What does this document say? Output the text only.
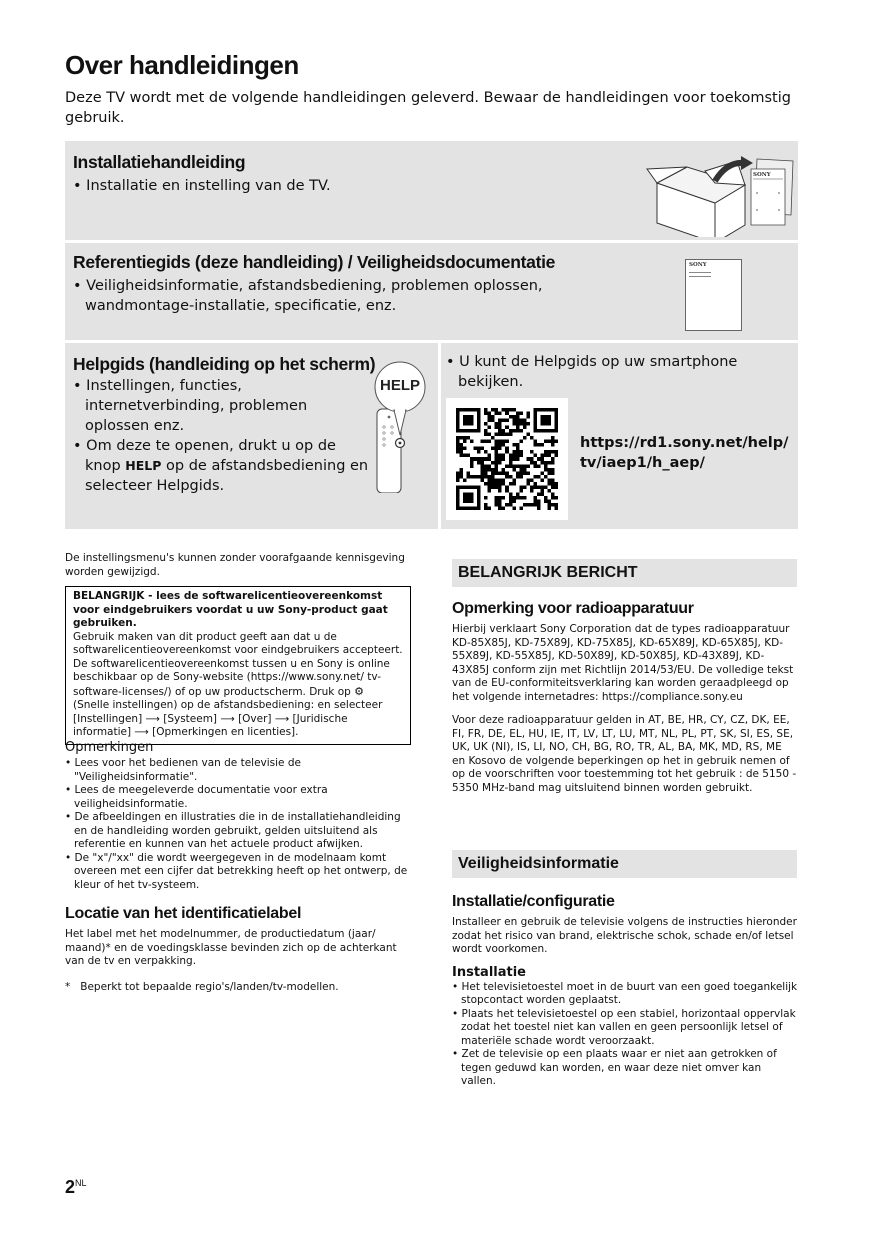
Over handleidingen

Deze TV wordt met de volgende handleidingen geleverd. Bewaar de handleidingen voor toekomstig gebruik.

Installatiehandleiding
• Installatie en instelling van de TV.
SONY
Referentiegids (deze handleiding) / Veiligheidsdocumentatie
• Veiligheidsinformatie, afstandsbediening, problemen oplossen, wandmontage-installatie, specificatie, enz.
SONY
Helpgids (handleiding op het scherm)
• Instellingen, functies, internetverbinding, problemen oplossen enz.
• Om deze te openen, drukt u op de knop HELP op de afstandsbediening en selecteer Helpgids.
HELP
• U kunt de Helpgids op uw smartphone bekijken.
https://rd1.sony.net/help/
tv/iaep1/h_aep/

De instellingsmenu's kunnen zonder voorafgaande kennisgeving worden gewijzigd.

BELANGRIJK - lees de softwarelicentieovereenkomst voor eindgebruikers voordat u uw Sony-product gaat gebruiken.
Gebruik maken van dit product geeft aan dat u de softwarelicentieovereenkomst voor eindgebruikers accepteert. De softwarelicentieovereenkomst tussen u en Sony is online beschikbaar op de Sony-website (https://www.sony.net/ tv-software-licenses/) of op uw productscherm. Druk op ⚙ (Snelle instellingen) op de afstandsbediening: en selecteer [Instellingen] ⟶ [Systeem] ⟶ [Over] ⟶ [Juridische informatie] ⟶ [Opmerkingen en licenties].
Opmerkingen
• Lees voor het bedienen van de televisie de "Veiligheidsinformatie".
• Lees de meegeleverde documentatie voor extra veiligheidsinformatie.
• De afbeeldingen en illustraties die in de installatiehandleiding en de handleiding worden gebruikt, gelden uitsluitend als referentie en kunnen van het actuele product afwijken.
• De "x"/"xx" die wordt weergegeven in de modelnaam komt overeen met een cijfer dat betrekking heeft op het ontwerp, de kleur of het tv-systeem.
Locatie van het identificatielabel

Het label met het modelnummer, de productiedatum (jaar/ maand)* en de voedingsklasse bevinden zich op de achterkant van de tv en verpakking.

*   Beperkt tot bepaalde regio's/landen/tv-modellen.

BELANGRIJK BERICHT
Opmerking voor radioapparatuur

Hierbij verklaart Sony Corporation dat de types radioapparatuur KD-85X85J, KD-75X89J, KD-75X85J, KD-65X89J, KD-65X85J, KD-55X89J, KD-55X85J, KD-50X89J, KD-50X85J, KD-43X89J, KD-43X85J conform zijn met Richtlijn 2014/53/EU. De volledige tekst van de EU-conformiteitsverklaring kan worden geraadpleegd op het volgende internetadres: https://compliance.sony.eu

Voor deze radioapparatuur gelden in AT, BE, HR, CY, CZ, DK, EE, FI, FR, DE, EL, HU, IE, IT, LV, LT, LU, MT, NL, PL, PT, SK, SI, ES, SE, UK, UK (NI), IS, LI, NO, CH, BG, RO, TR, AL, BA, MK, MD, RS, ME en Kosovo de volgende beperkingen op het in gebruik nemen of op de voorschriften voor toestemming tot het gebruik : de 5150 - 5350 MHz-band mag uitsluitend binnen worden gebruikt.

Veiligheidsinformatie
Installatie/configuratie

Installeer en gebruik de televisie volgens de instructies hieronder zodat het risico van brand, elektrische schok, schade en/of letsel wordt voorkomen.

Installatie
• Het televisietoestel moet in de buurt van een goed toegankelijk stopcontact worden geplaatst.
• Plaats het televisietoestel op een stabiel, horizontaal oppervlak zodat het toestel niet kan vallen en geen persoonlijk letsel of materiële schade wordt veroorzaakt.
• Zet de televisie op een plaats waar er niet aan getrokken of tegen geduwd kan worden, en waar deze niet omver kan vallen.
$2^{NL}$
